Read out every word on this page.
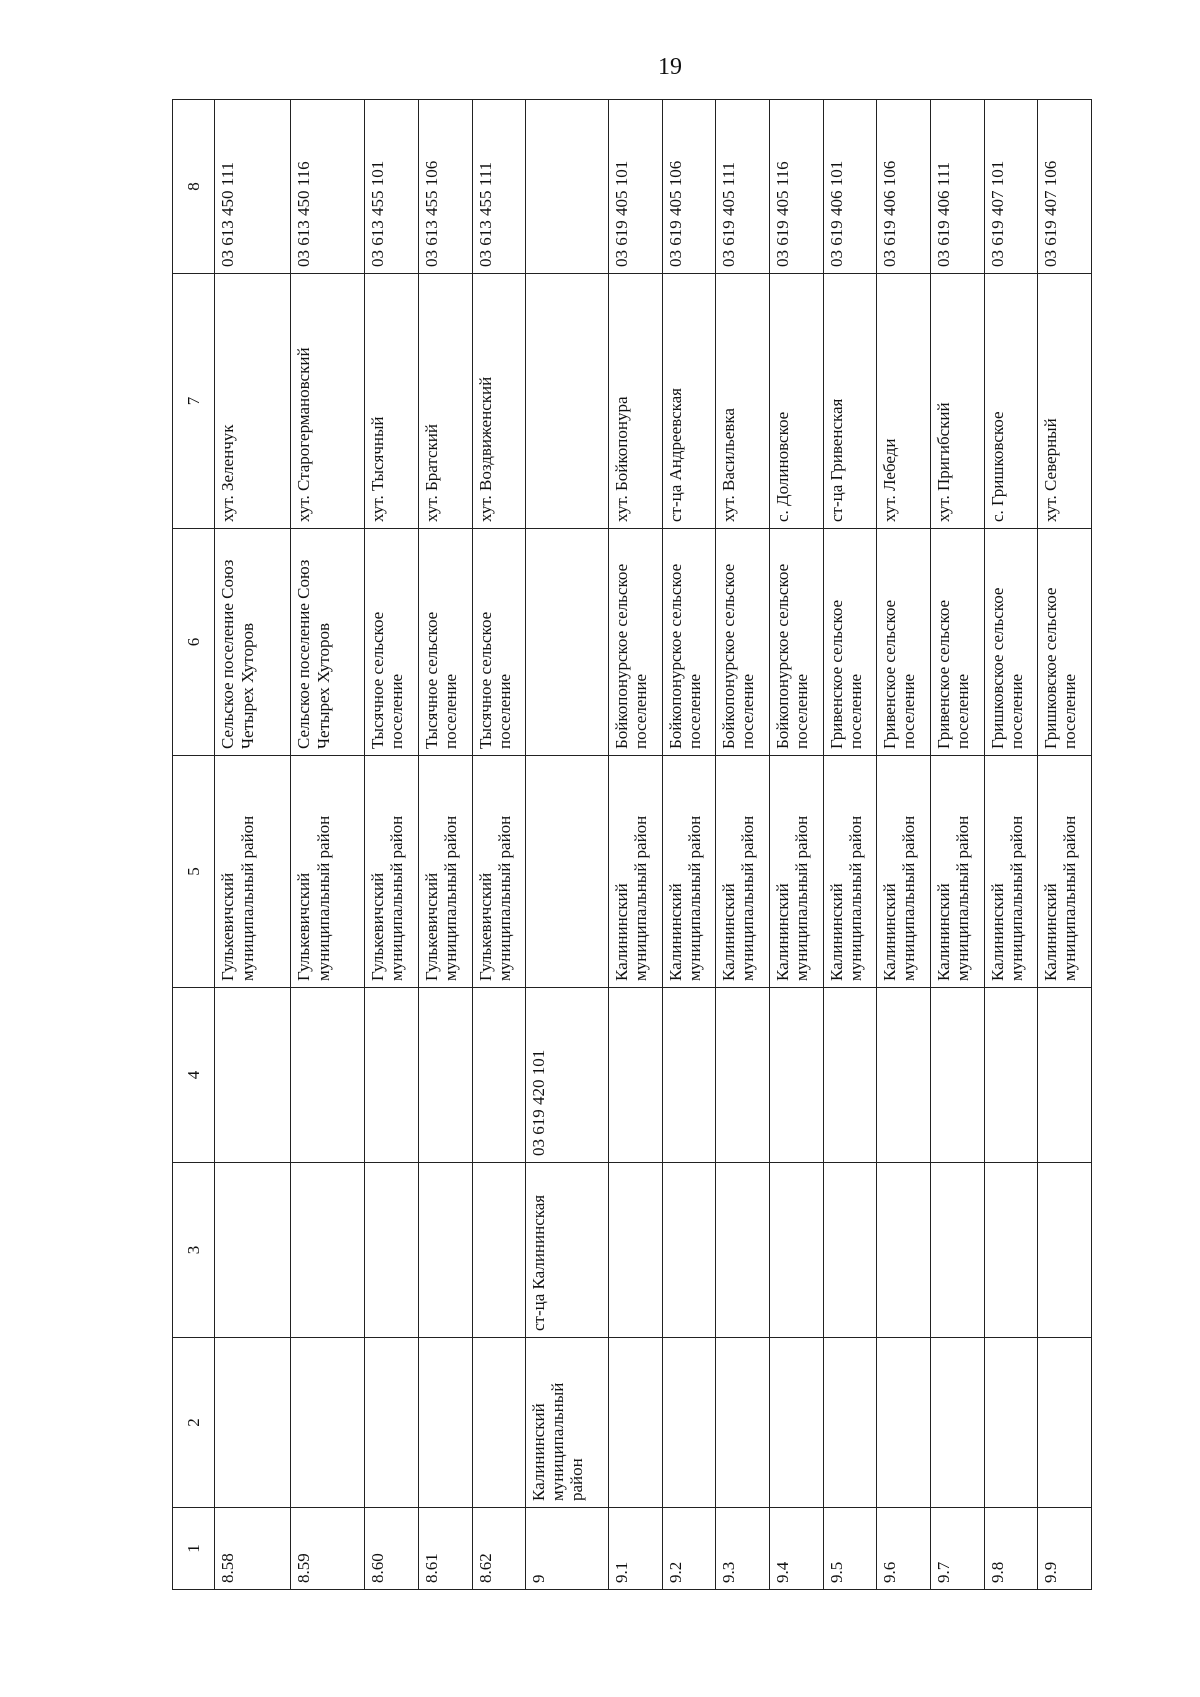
19
1	2	3	4	5	6	7	8
8.58				Гулькевичский муниципальный район	Сельское поселение Союз Четырех Хуторов	хут. Зеленчук	03 613 450 111
8.59				Гулькевичский муниципальный район	Сельское поселение Союз Четырех Хуторов	хут. Старогермановский	03 613 450 116
8.60				Гулькевичский муниципальный район	Тысячное сельское поселение	хут. Тысячный	03 613 455 101
8.61				Гулькевичский муниципальный район	Тысячное сельское поселение	хут. Братский	03 613 455 106
8.62				Гулькевичский муниципальный район	Тысячное сельское поселение	хут. Воздвиженский	03 613 455 111
9	Калининский муниципальный район	ст-ца Калининская	03 619 420 101				
9.1				Калининский муниципальный район	Бойкопонурское сельское поселение	хут. Бойкопонура	03 619 405 101
9.2				Калининский муниципальный район	Бойкопонурское сельское поселение	ст-ца Андреевская	03 619 405 106
9.3				Калининский муниципальный район	Бойкопонурское сельское поселение	хут. Васильевка	03 619 405 111
9.4				Калининский муниципальный район	Бойкопонурское сельское поселение	с. Долиновское	03 619 405 116
9.5				Калининский муниципальный район	Гривенское сельское поселение	ст-ца Гривенская	03 619 406 101
9.6				Калининский муниципальный район	Гривенское сельское поселение	хут. Лебеди	03 619 406 106
9.7				Калининский муниципальный район	Гривенское сельское поселение	хут. Пригибский	03 619 406 111
9.8				Калининский муниципальный район	Гришковское сельское поселение	с. Гришковское	03 619 407 101
9.9				Калининский муниципальный район	Гришковское сельское поселение	хут. Северный	03 619 407 106
